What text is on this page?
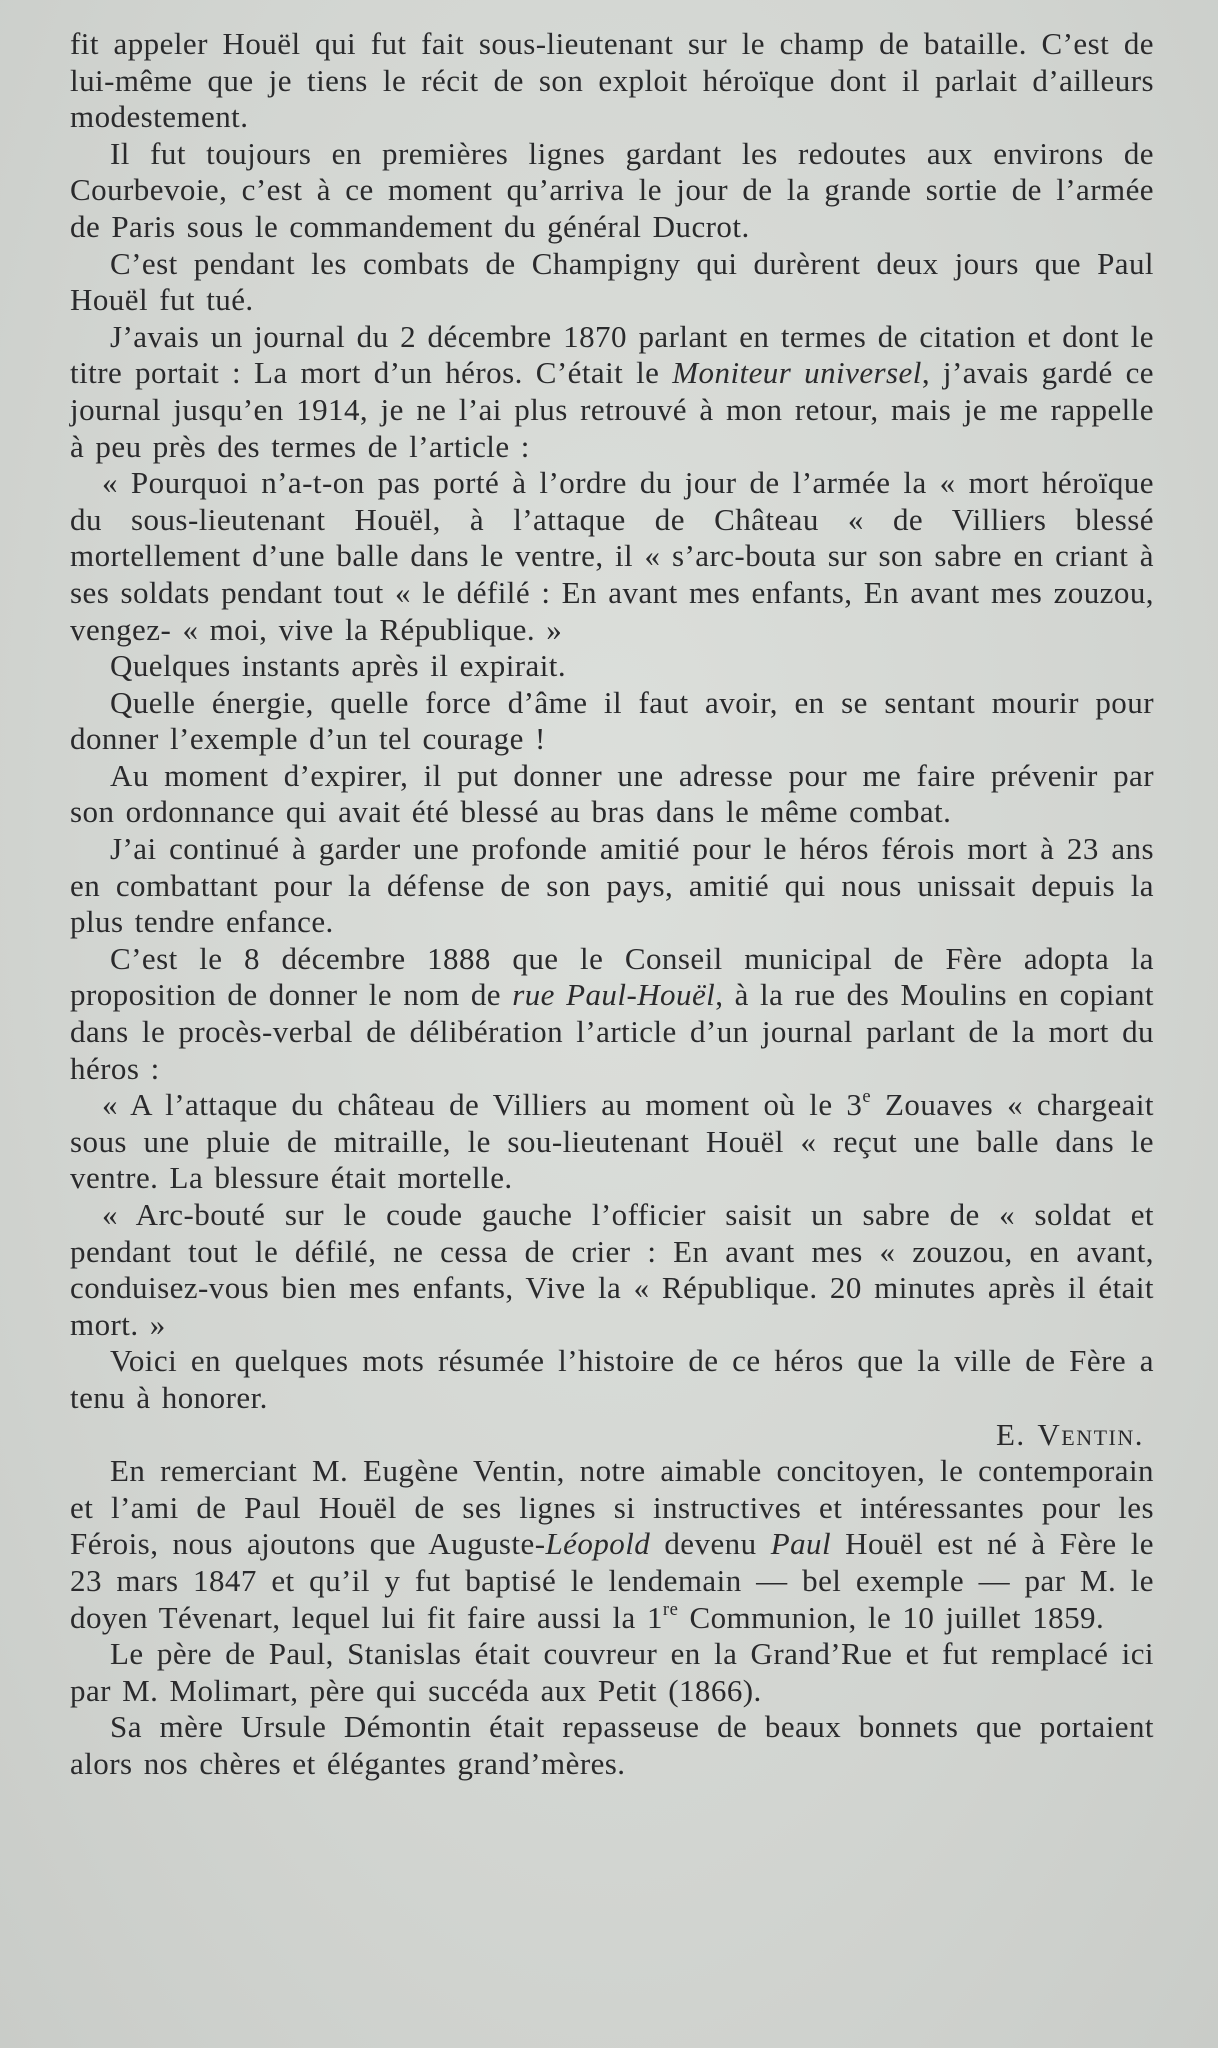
fit appeler Houël qui fut fait sous-lieutenant sur le champ de bataille. C’est de lui-même que je tiens le récit de son exploit héroïque dont il parlait d’ailleurs modestement.

Il fut toujours en premières lignes gardant les redoutes aux environs de Courbevoie, c’est à ce moment qu’arriva le jour de la grande sortie de l’armée de Paris sous le commandement du général Ducrot.

C’est pendant les combats de Champigny qui durèrent deux jours que Paul Houël fut tué.

J’avais un journal du 2 décembre 1870 parlant en termes de citation et dont le titre portait : La mort d’un héros. C’était le Moniteur universel, j’avais gardé ce journal jusqu’en 1914, je ne l’ai plus retrouvé à mon retour, mais je me rappelle à peu près des termes de l’article :

« Pourquoi n’a-t-on pas porté à l’ordre du jour de l’armée la « mort héroïque du sous-lieutenant Houël, à l’attaque de Château « de Villiers blessé mortellement d’une balle dans le ventre, il « s’arc-bouta sur son sabre en criant à ses soldats pendant tout « le défilé : En avant mes enfants, En avant mes zouzou, vengez- « moi, vive la République. »

Quelques instants après il expirait.

Quelle énergie, quelle force d’âme il faut avoir, en se sentant mourir pour donner l’exemple d’un tel courage !

Au moment d’expirer, il put donner une adresse pour me faire prévenir par son ordonnance qui avait été blessé au bras dans le même combat.

J’ai continué à garder une profonde amitié pour le héros férois mort à 23 ans en combattant pour la défense de son pays, amitié qui nous unissait depuis la plus tendre enfance.

C’est le 8 décembre 1888 que le Conseil municipal de Fère adopta la proposition de donner le nom de rue Paul-Houël, à la rue des Moulins en copiant dans le procès-verbal de délibération l’article d’un journal parlant de la mort du héros :

« A l’attaque du château de Villiers au moment où le 3e Zouaves « chargeait sous une pluie de mitraille, le sou-lieutenant Houël « reçut une balle dans le ventre. La blessure était mortelle.

« Arc-bouté sur le coude gauche l’officier saisit un sabre de « soldat et pendant tout le défilé, ne cessa de crier : En avant mes « zouzou, en avant, conduisez-vous bien mes enfants, Vive la « République. 20 minutes après il était mort. »

Voici en quelques mots résumée l’histoire de ce héros que la ville de Fère a tenu à honorer.

E. Ventin.

En remerciant M. Eugène Ventin, notre aimable concitoyen, le contemporain et l’ami de Paul Houël de ses lignes si instructives et intéressantes pour les Férois, nous ajoutons que Auguste-Léopold devenu Paul Houël est né à Fère le 23 mars 1847 et qu’il y fut baptisé le lendemain — bel exemple — par M. le doyen Tévenart, lequel lui fit faire aussi la 1re Communion, le 10 juillet 1859.

Le père de Paul, Stanislas était couvreur en la Grand’Rue et fut remplacé ici par M. Molimart, père qui succéda aux Petit (1866).

Sa mère Ursule Démontin était repasseuse de beaux bonnets que portaient alors nos chères et élégantes grand’mères.
